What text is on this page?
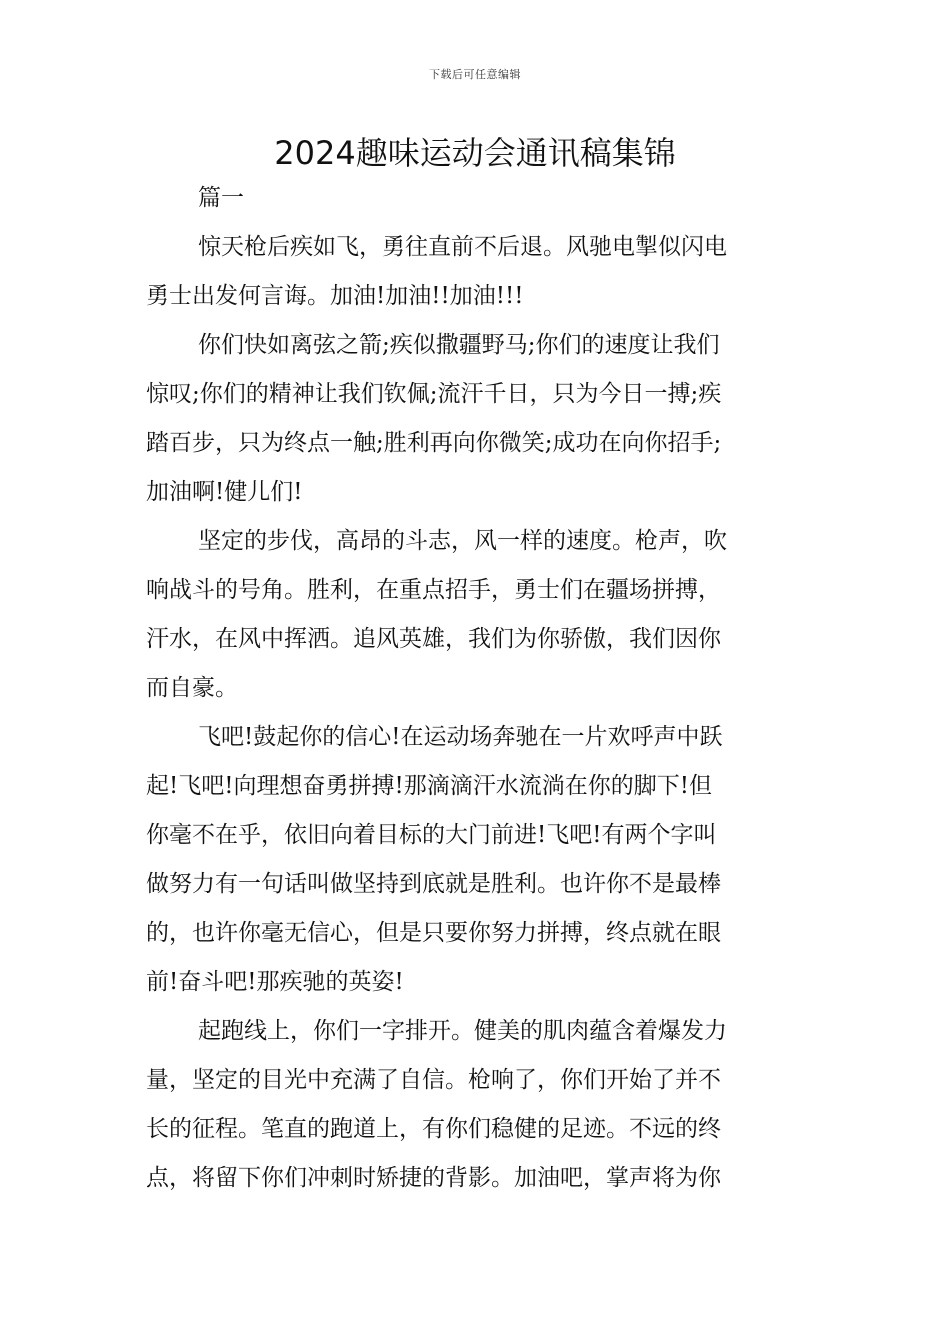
下载后可任意编辑
2024趣味运动会通讯稿集锦

篇一

惊天枪后疾如飞，勇往直前不后退。风驰电掣似闪电
勇士出发何言诲。加油!加油!!加油!!!

你们快如离弦之箭;疾似撒疆野马;你们的速度让我们
惊叹;你们的精神让我们钦佩;流汗千日，只为今日一搏;疾
踏百步，只为终点一触;胜利再向你微笑;成功在向你招手;
加油啊!健儿们!

坚定的步伐，高昂的斗志，风一样的速度。枪声，吹
响战斗的号角。胜利，在重点招手，勇士们在疆场拼搏，
汗水，在风中挥洒。追风英雄，我们为你骄傲，我们因你
而自豪。

飞吧!鼓起你的信心!在运动场奔驰在一片欢呼声中跃
起!飞吧!向理想奋勇拼搏!那滴滴汗水流淌在你的脚下!但
你毫不在乎，依旧向着目标的大门前进!飞吧!有两个字叫
做努力有一句话叫做坚持到底就是胜利。也许你不是最棒
的，也许你毫无信心，但是只要你努力拼搏，终点就在眼
前!奋斗吧!那疾驰的英姿!

起跑线上，你们一字排开。健美的肌肉蕴含着爆发力
量，坚定的目光中充满了自信。枪响了，你们开始了并不
长的征程。笔直的跑道上，有你们稳健的足迹。不远的终
点，将留下你们冲刺时矫捷的背影。加油吧，掌声将为你
